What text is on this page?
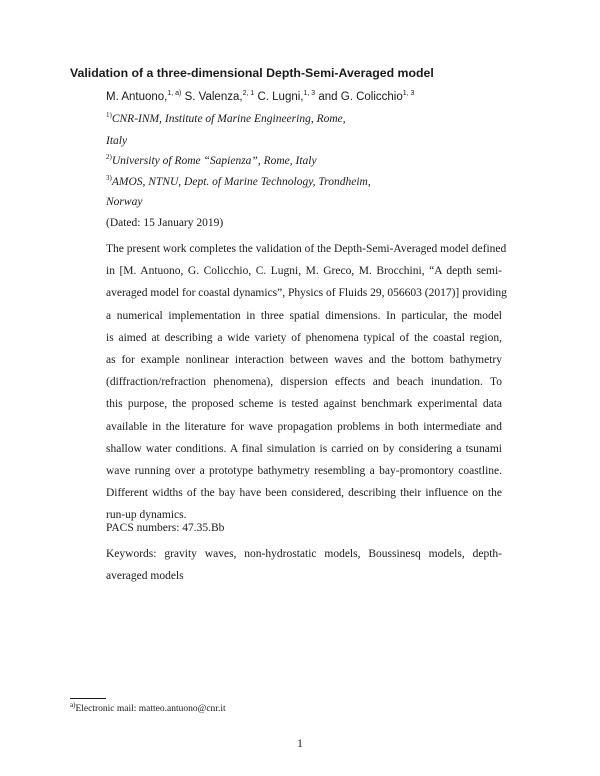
Validation of a three-dimensional Depth-Semi-Averaged model
M. Antuono,$^{1, a)}$ S. Valenza,$^{2, 1}$ C. Lugni,$^{1, 3}$ and G. Colicchio$^{1, 3}$
$^{1)}$CNR-INM, Institute of Marine Engineering, Rome,
Italy
$^{2)}$University of Rome “Sapienza”, Rome, Italy
$^{3)}$AMOS, NTNU, Dept. of Marine Technology, Trondheim,
Norway
(Dated: 15 January 2019)
The present work completes the validation of the Depth-Semi-Averaged model defined
in [M. Antuono, G. Colicchio, C. Lugni, M. Greco, M. Brocchini, “A depth semi-
averaged model for coastal dynamics”, Physics of Fluids 29, 056603 (2017)] providing
a numerical implementation in three spatial dimensions. In particular, the model
is aimed at describing a wide variety of phenomena typical of the coastal region,
as for example nonlinear interaction between waves and the bottom bathymetry
(diffraction/refraction phenomena), dispersion effects and beach inundation. To
this purpose, the proposed scheme is tested against benchmark experimental data
available in the literature for wave propagation problems in both intermediate and
shallow water conditions. A final simulation is carried on by considering a tsunami
wave running over a prototype bathymetry resembling a bay-promontory coastline.
Different widths of the bay have been considered, describing their influence on the
run-up dynamics.
PACS numbers: 47.35.Bb
Keywords: gravity waves, non-hydrostatic models, Boussinesq models, depth-
averaged models
$^{a)}$Electronic mail: matteo.antuono@cnr.it
1
